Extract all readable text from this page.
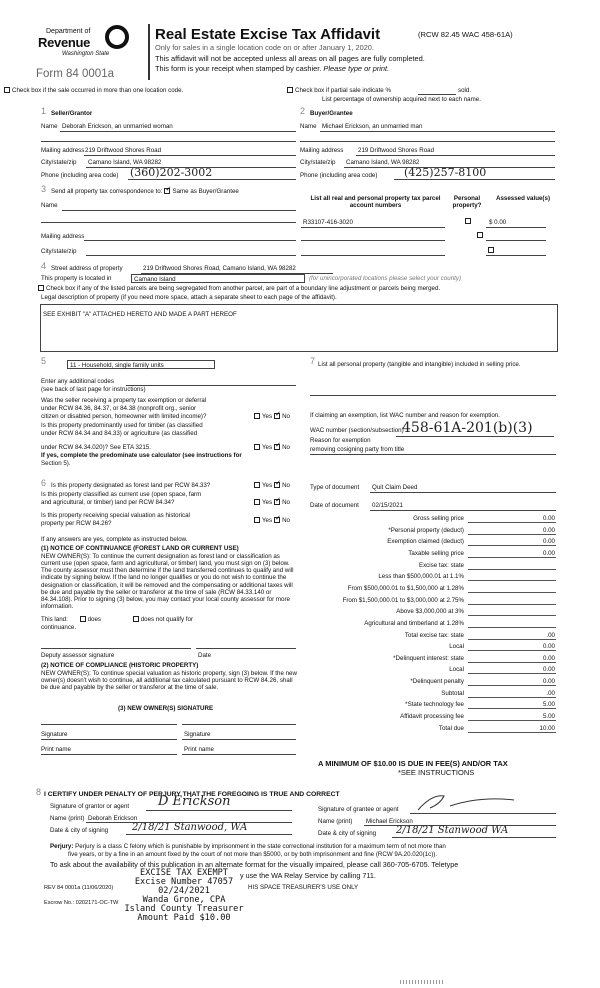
Department of
Revenue
Washington State
Form 84 0001a
Real Estate Excise Tax Affidavit	(RCW 82.45 WAC 458-61A)
Only for sales in a single location code on or after January 1, 2020.
This affidavit will not be accepted unless all areas on all pages are fully completed.
This form is your receipt when stamped by cashier. Please type or print.
Check box if the sale occurred in more than one location code.	Check box if partial sale indicate %	sold.
List percentage of ownership acquired next to each name.
1 Seller/Grantor	2 Buyer/Grantee
Name Deborah Erickson, an unmarried woman	Name Michael Erickson, an unmarried man
Mailing address 219 Driftwood Shores Road	Mailing address 219 Driftwood Shores Road
City/state/zip Camano Island, WA 98282	City/state/zip Camano Island, WA 98282
Phone (including area code) (360)202-3002	Phone (including area code) (425)257-8100
3 Send all property tax correspondence to: ✓ Same as Buyer/Grantee
Name
Mailing address
City/state/zip
List all real and personal property tax parcel account numbers
Personal property?
Assessed value(s)
R33107-416-3020
	$ 0.00

4 Street address of property	219 Driftwood Shores Road, Camano Island, WA 98282
This property is located in	Camano Island	(for unincorporated locations please select your county)
Check box if any of the listed parcels are being segregated from another parcel, are part of a boundary line adjustment or parcels being merged.
Legal description of property (if you need more space, attach a separate sheet to each page of the affidavit).
SEE EXHIBIT "A" ATTACHED HERETO AND MADE A PART HEREOF
5	11 - Household, single family units
Enter any additional codes
(see back of last page for instructions)
Was the seller receiving a property tax exemption or deferral
under RCW 84.36, 84.37, or 84.38 (nonprofit org., senior
citizen or disabled person, homeowner with limited income)?	Yes ✓ No
Is this property predominantly used for timber (as classified
under RCW 84.34 and 84.33) or agriculture (as classified
under RCW 84.34.020)? See ETA 3215.	Yes ✓ No
If yes, complete the predominate use calculator (see instructions for
Section 5).
6 Is this property designated as forest land per RCW 84.33?	Yes ✓ No
Is this property classified as current use (open space, farm
and agricultural, or timber) land per RCW 84.34?	Yes ✓ No
Is this property receiving special valuation as historical
property per RCW 84.26?	Yes ✓ No
If any answers are yes, complete as instructed below.
(1) NOTICE OF CONTINUANCE (FOREST LAND OR CURRENT USE)
NEW OWNER(S): To continue the current designation as forest land or classification as current use (open space, farm and agricultural, or timber) land, you must sign on (3) below. The county assessor must then determine if the land transferred continues to qualify and will indicate by signing below. If the land no longer qualifies or you do not wish to continue the designation or classification, it will be removed and the compensating or additional taxes will be due and payable by the seller or transferor at the time of sale (RCW 84.33.140 or 84.34.108). Prior to signing (3) below, you may contact your local county assessor for more information.
This land:	does	does not qualify for
continuance.
Deputy assessor signature	Date
(2) NOTICE OF COMPLIANCE (HISTORIC PROPERTY)
NEW OWNER(S): To continue special valuation as historic property, sign (3) below. If the new owner(s) doesn't wish to continue, all additional tax calculated pursuant to RCW 84.26, shall be due and payable by the seller or transferor at the time of sale.
(3) NEW OWNER(S) SIGNATURE
Signature	Signature
Print name	Print name
7 List all personal property (tangible and intangible) included in selling price.
If claiming an exemption, list WAC number and reason for exemption.
WAC number (section/subsection)
458-61A-201(b)(3)
Reason for exemption
removing cosigning party from title
Type of document Quit Claim Deed
Date of document 02/15/2021
Gross selling price	0.00
*Personal property (deduct)	0.00
Exemption claimed (deduct)	0.00
Taxable selling price	0.00
Excise tax: state
Less than $500,000.01 at 1.1%
From $500,000.01 to $1,500,000 at 1.28%
From $1,500,000.01 to $3,000,000 at 2.75%
Above $3,000,000 at 3%
Agricultural and timberland at 1.28%
Total excise tax: state	.00
Local	0.00
*Delinquent interest: state	0.00
Local	0.00
*Delinquent penalty	0.00
Subtotal	.00
*State technology fee	5.00
Affidavit processing fee	5.00
Total due	10.00
A MINIMUM OF $10.00 IS DUE IN FEE(S) AND/OR TAX
*SEE INSTRUCTIONS
8 I CERTIFY UNDER PENALTY OF PERJURY THAT THE FOREGOING IS TRUE AND CORRECT
Signature of grantor or agent D Erickson
Name (print) Deborah Erickson
Date & city of signing 2/18/21 Stanwood, WA
Signature of grantee or agent
Name (print) Michael Erickson
Date & city of signing 2/18/21 Stanwood WA
Perjury: Perjury is a class C felony which is punishable by imprisonment in the state correctional institution for a maximum term of not more than
five years, or by a fine in an amount fixed by the court of not more than $5000, or by both imprisonment and fine (RCW 9A.20.020(1c)).
To ask about the availability of this publication in an alternate format for the visually impaired, please call 360-705-6705. Teletype
y use the WA Relay Service by calling 711.
HIS SPACE TREASURER'S USE ONLY
REV 84 0001a (11/06/2020)
Escrow No.: 0202171-OC-TW
EXCISE TAX EXEMPT
Excise Number 47057
02/24/2021
Wanda Grone, CPA
Island County Treasurer
Amount Paid $10.00
